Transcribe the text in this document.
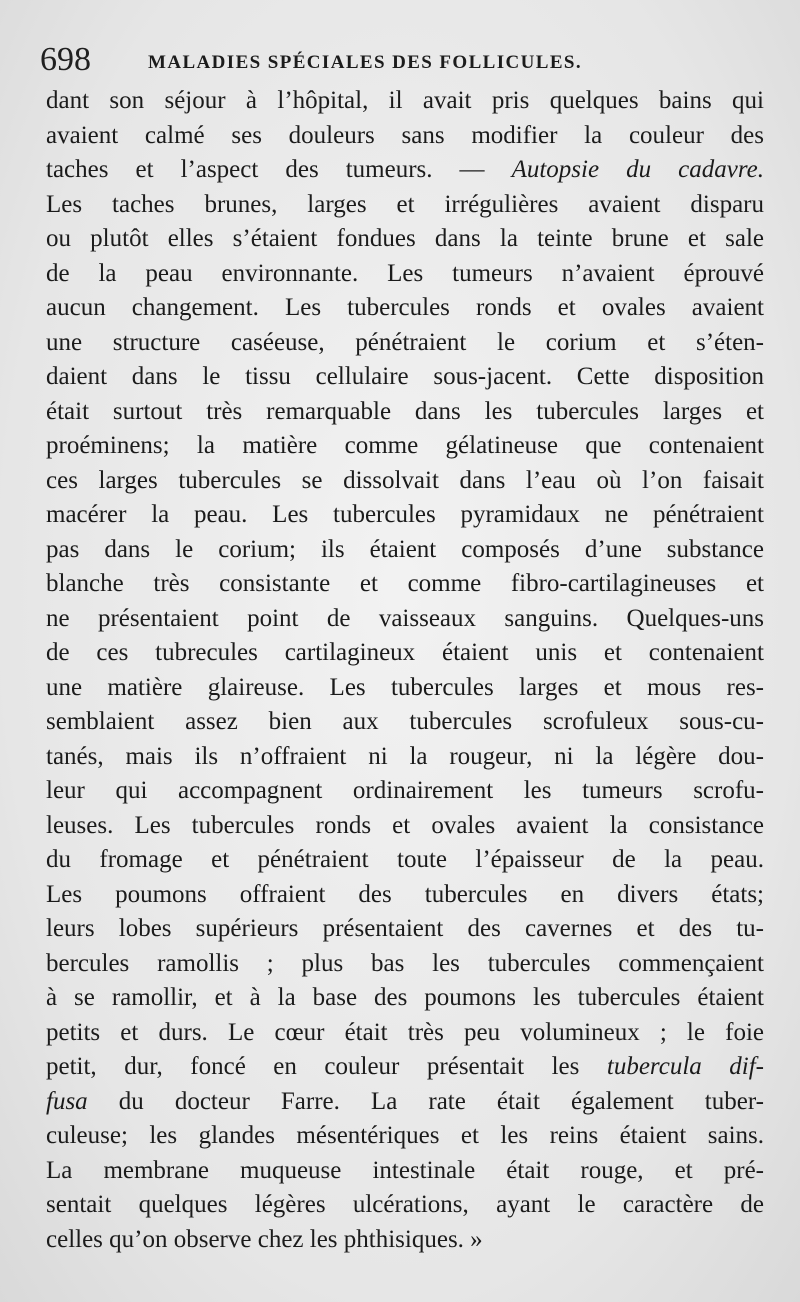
698	MALADIES SPÉCIALES DES FOLLICULES.
dant son séjour à l’hôpital, il avait pris quelques bains qui
avaient calmé ses douleurs sans modifier la couleur des
taches et l’aspect des tumeurs. — Autopsie du cadavre.
Les taches brunes, larges et irrégulières avaient disparu
ou plutôt elles s’étaient fondues dans la teinte brune et sale
de la peau environnante. Les tumeurs n’avaient éprouvé
aucun changement. Les tubercules ronds et ovales avaient
une structure caséeuse, pénétraient le corium et s’éten-
daient dans le tissu cellulaire sous-jacent. Cette disposition
était surtout très remarquable dans les tubercules larges et
proéminens; la matière comme gélatineuse que contenaient
ces larges tubercules se dissolvait dans l’eau où l’on faisait
macérer la peau. Les tubercules pyramidaux ne pénétraient
pas dans le corium; ils étaient composés d’une substance
blanche très consistante et comme fibro-cartilagineuses et
ne présentaient point de vaisseaux sanguins. Quelques-uns
de ces tubrecules cartilagineux étaient unis et contenaient
une matière glaireuse. Les tubercules larges et mous res-
semblaient assez bien aux tubercules scrofuleux sous-cu-
tanés, mais ils n’offraient ni la rougeur, ni la légère dou-
leur qui accompagnent ordinairement les tumeurs scrofu-
leuses. Les tubercules ronds et ovales avaient la consistance
du fromage et pénétraient toute l’épaisseur de la peau.
Les poumons offraient des tubercules en divers états;
leurs lobes supérieurs présentaient des cavernes et des tu-
bercules ramollis ; plus bas les tubercules commençaient
à se ramollir, et à la base des poumons les tubercules étaient
petits et durs. Le cœur était très peu volumineux ; le foie
petit, dur, foncé en couleur présentait les tubercula dif-
fusa du docteur Farre. La rate était également tuber-
culeuse; les glandes mésentériques et les reins étaient sains.
La membrane muqueuse intestinale était rouge, et pré-
sentait quelques légères ulcérations, ayant le caractère de
celles qu’on observe chez les phthisiques. »
